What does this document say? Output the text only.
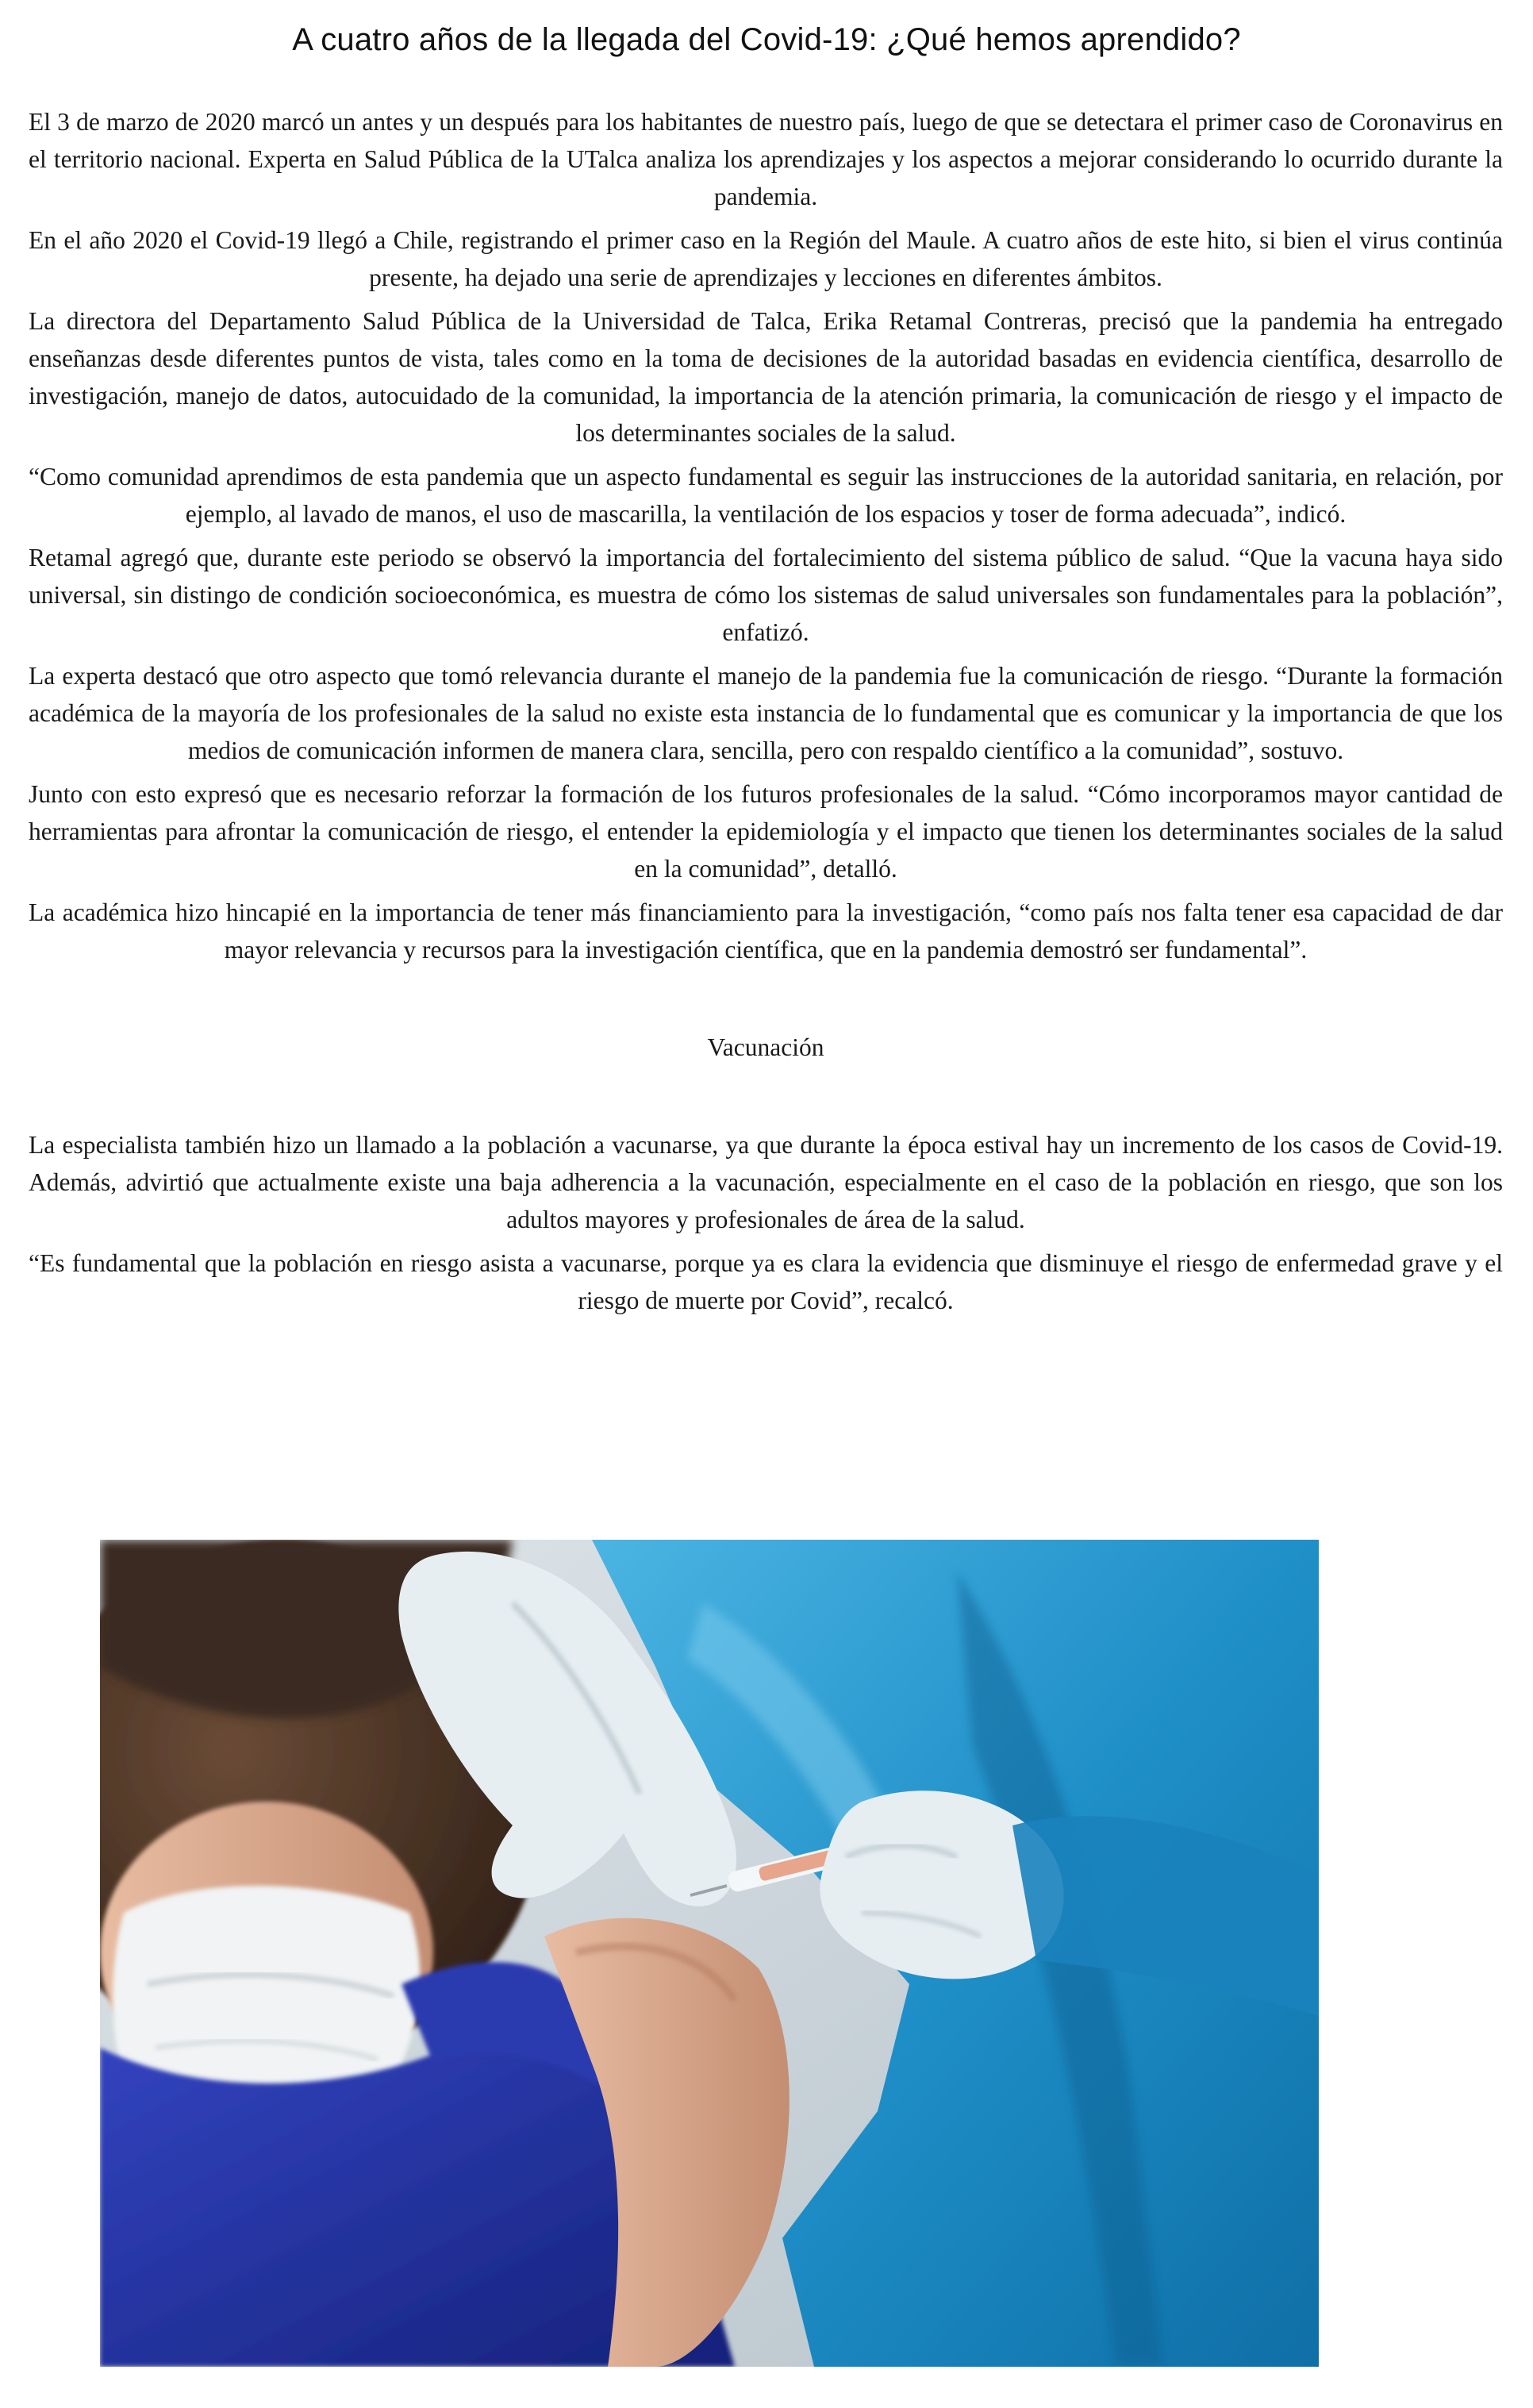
A cuatro años de la llegada del Covid-19: ¿Qué hemos aprendido?

El 3 de marzo de 2020 marcó un antes y un después para los habitantes de nuestro país, luego de que se detectara el primer caso de Coronavirus en el territorio nacional. Experta en Salud Pública de la UTalca analiza los aprendizajes y los aspectos a mejorar considerando lo ocurrido durante la pandemia.

En el año 2020 el Covid-19 llegó a Chile, registrando el primer caso en la Región del Maule. A cuatro años de este hito, si bien el virus continúa presente, ha dejado una serie de aprendizajes y lecciones en diferentes ámbitos.

La directora del Departamento Salud Pública de la Universidad de Talca, Erika Retamal Contreras, precisó que la pandemia ha entregado enseñanzas desde diferentes puntos de vista, tales como en la toma de decisiones de la autoridad basadas en evidencia científica, desarrollo de investigación, manejo de datos, autocuidado de la comunidad, la importancia de la atención primaria, la comunicación de riesgo y el impacto de los determinantes sociales de la salud.

“Como comunidad aprendimos de esta pandemia que un aspecto fundamental es seguir las instrucciones de la autoridad sanitaria, en relación, por ejemplo, al lavado de manos, el uso de mascarilla, la ventilación de los espacios y toser de forma adecuada”, indicó.

Retamal agregó que, durante este periodo se observó la importancia del fortalecimiento del sistema público de salud. “Que la vacuna haya sido universal, sin distingo de condición socioeconómica, es muestra de cómo los sistemas de salud universales son fundamentales para la población”, enfatizó.

La experta destacó que otro aspecto que tomó relevancia durante el manejo de la pandemia fue la comunicación de riesgo. “Durante la formación académica de la mayoría de los profesionales de la salud no existe esta instancia de lo fundamental que es comunicar y la importancia de que los medios de comunicación informen de manera clara, sencilla, pero con respaldo científico a la comunidad”, sostuvo.

Junto con esto expresó que es necesario reforzar la formación de los futuros profesionales de la salud. “Cómo incorporamos mayor cantidad de herramientas para afrontar la comunicación de riesgo, el entender la epidemiología y el impacto que tienen los determinantes sociales de la salud en la comunidad”, detalló.

La académica hizo hincapié en la importancia de tener más financiamiento para la investigación, “como país nos falta tener esa capacidad de dar mayor relevancia y recursos para la investigación científica, que en la pandemia demostró ser fundamental”.

Vacunación

La especialista también hizo un llamado a la población a vacunarse, ya que durante la época estival hay un incremento de los casos de Covid-19. Además, advirtió que actualmente existe una baja adherencia a la vacunación, especialmente en el caso de la población en riesgo, que son los adultos mayores y profesionales de área de la salud.

“Es fundamental que la población en riesgo asista a vacunarse, porque ya es clara la evidencia que disminuye el riesgo de enfermedad grave y el riesgo de muerte por Covid”, recalcó.
